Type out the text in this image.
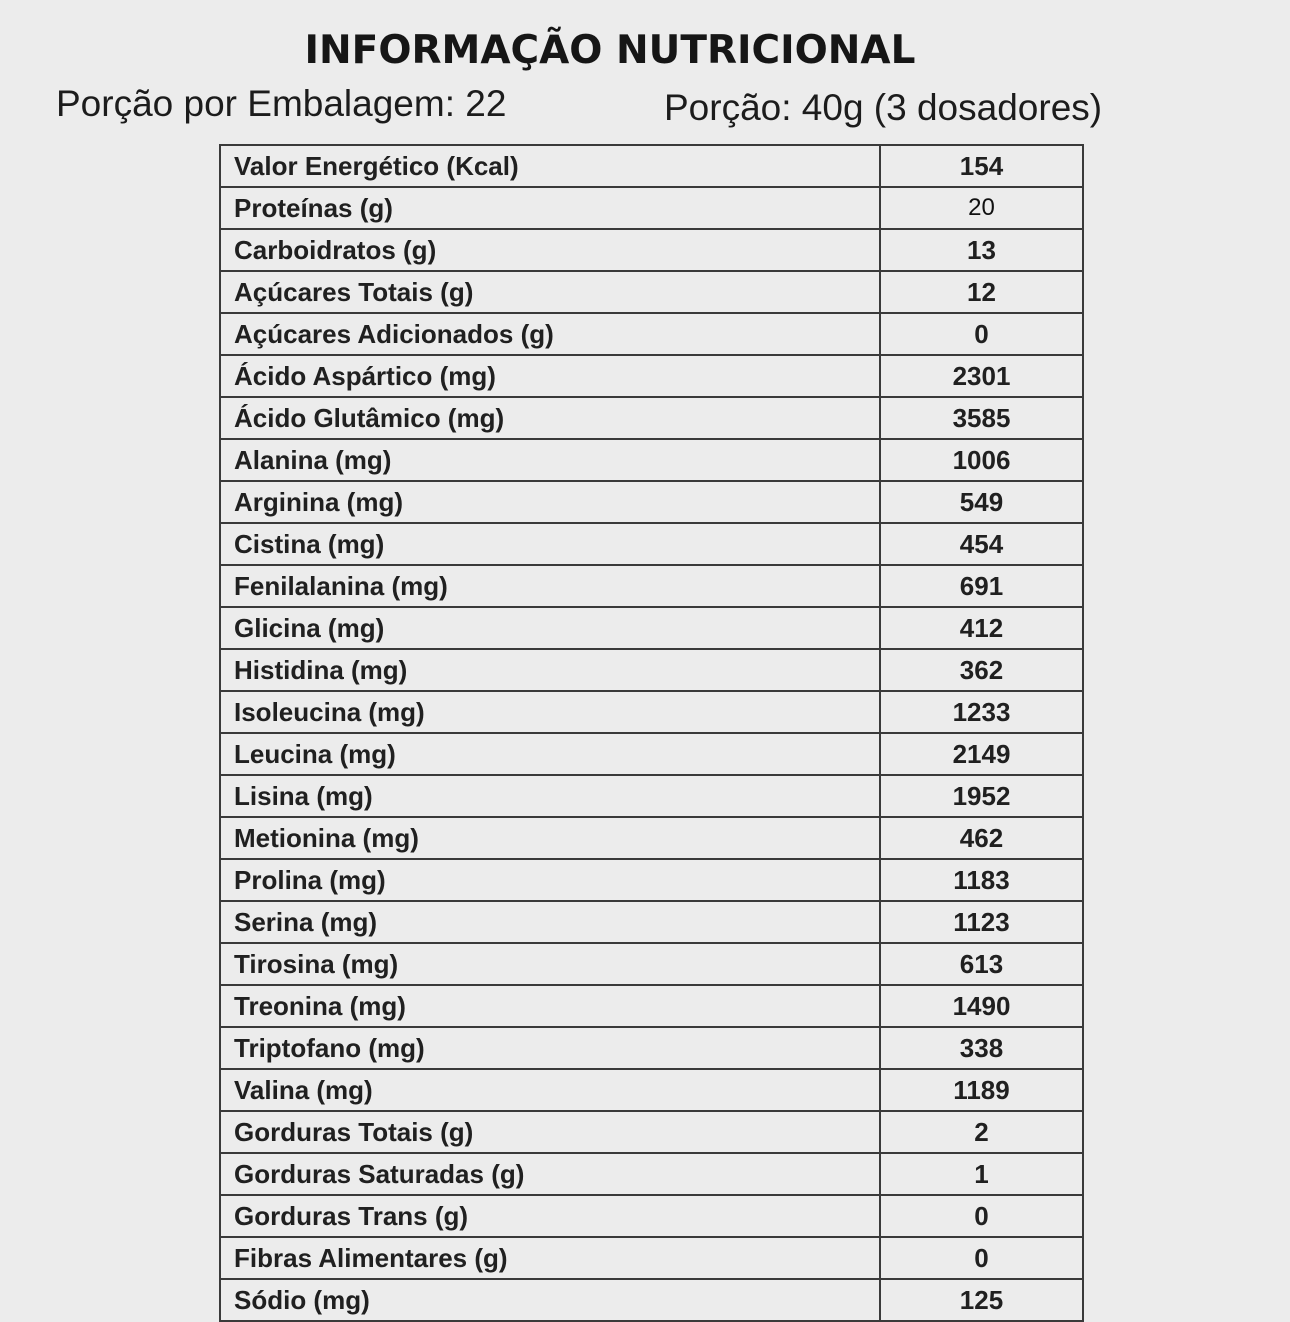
INFORMAÇÃO NUTRICIONAL
Porção por Embalagem: 22	Porção: 40g (3 dosadores)
Valor Energético (Kcal)	154
Proteínas (g)	20
Carboidratos (g)	13
Açúcares Totais (g)	12
Açúcares Adicionados (g)	0
Ácido Aspártico (mg)	2301
Ácido Glutâmico (mg)	3585
Alanina (mg)	1006
Arginina (mg)	549
Cistina (mg)	454
Fenilalanina (mg)	691
Glicina (mg)	412
Histidina (mg)	362
Isoleucina (mg)	1233
Leucina (mg)	2149
Lisina (mg)	1952
Metionina (mg)	462
Prolina (mg)	1183
Serina (mg)	1123
Tirosina (mg)	613
Treonina (mg)	1490
Triptofano (mg)	338
Valina (mg)	1189
Gorduras Totais (g)	2
Gorduras Saturadas (g)	1
Gorduras Trans (g)	0
Fibras Alimentares (g)	0
Sódio (mg)	125
